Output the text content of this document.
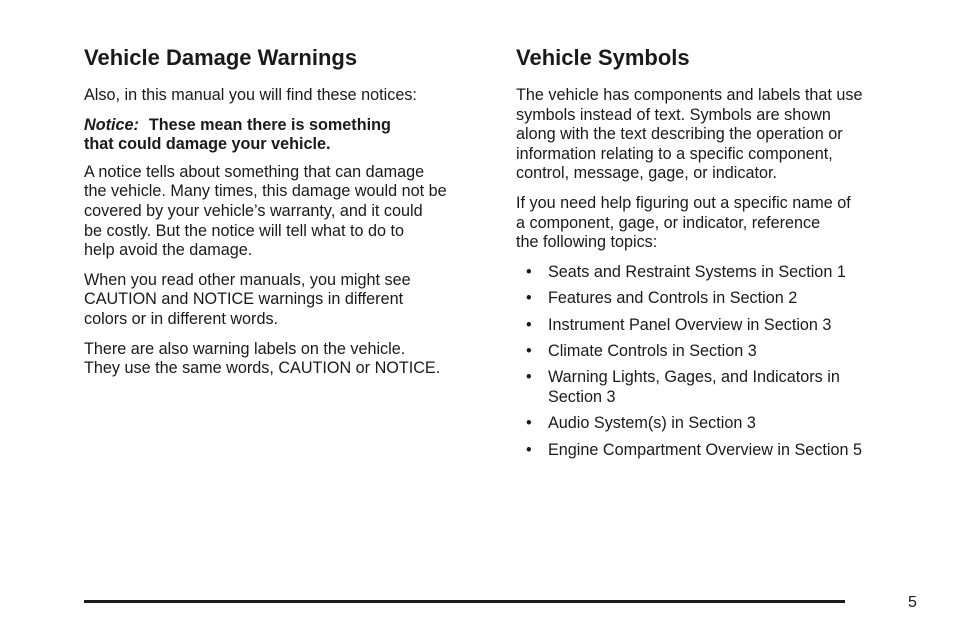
Vehicle Damage Warnings

Also, in this manual you will find these notices:

Notice: These mean there is something
that could damage your vehicle.

A notice tells about something that can damage
the vehicle. Many times, this damage would not be
covered by your vehicle’s warranty, and it could
be costly. But the notice will tell what to do to
help avoid the damage.

When you read other manuals, you might see
CAUTION and NOTICE warnings in different
colors or in different words.

There are also warning labels on the vehicle.
They use the same words, CAUTION or NOTICE.

Vehicle Symbols

The vehicle has components and labels that use
symbols instead of text. Symbols are shown
along with the text describing the operation or
information relating to a specific component,
control, message, gage, or indicator.

If you need help figuring out a specific name of
a component, gage, or indicator, reference
the following topics:

• Seats and Restraint Systems in Section 1
• Features and Controls in Section 2
• Instrument Panel Overview in Section 3
• Climate Controls in Section 3
• Warning Lights, Gages, and Indicators in
Section 3
• Audio System(s) in Section 3
• Engine Compartment Overview in Section 5
5
